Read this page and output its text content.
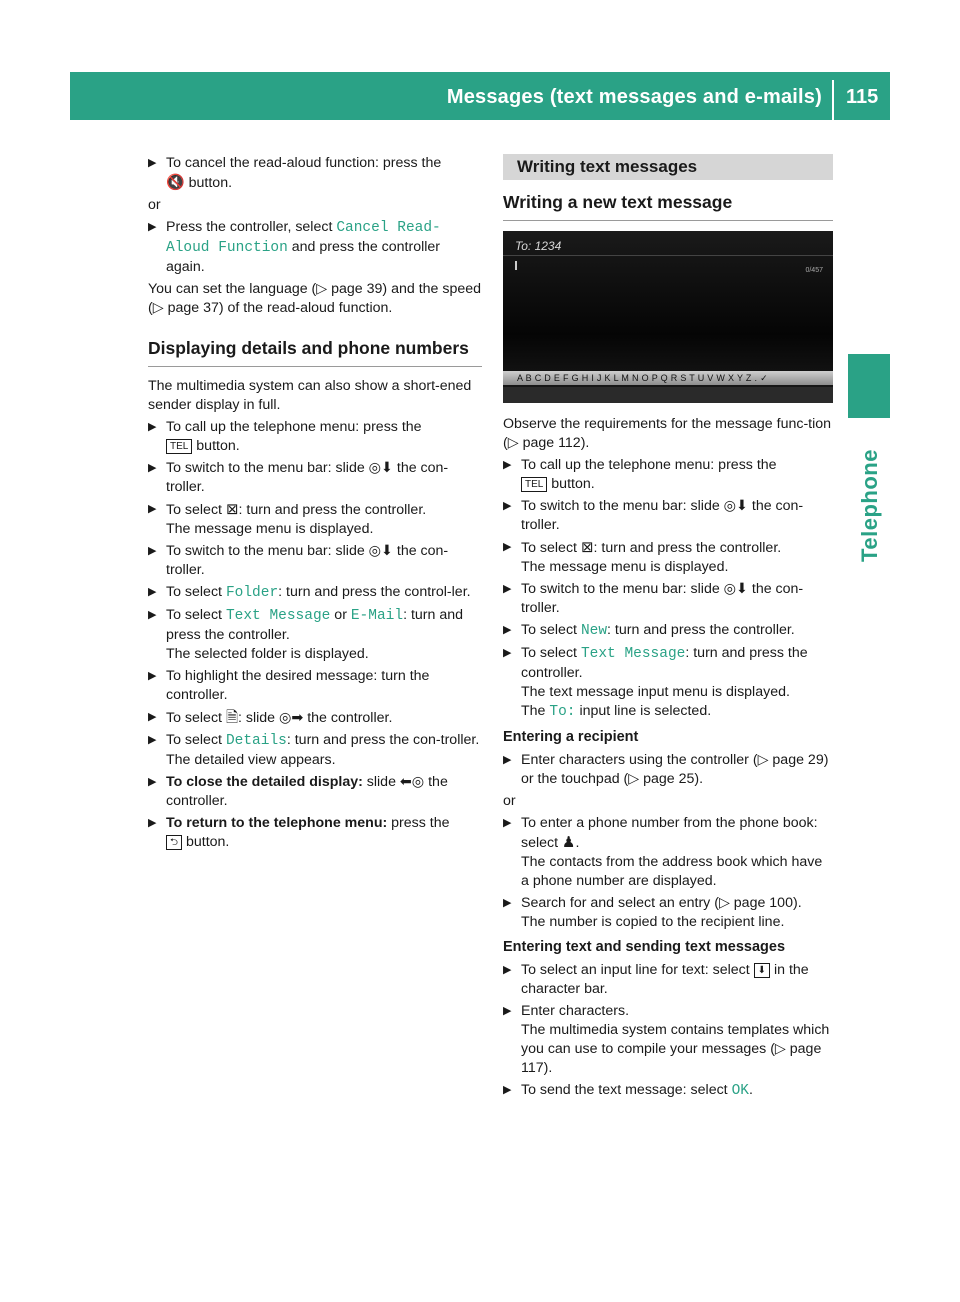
Messages (text messages and e-mails) 115
Telephone
▶ To cancel the read-aloud function: press the
🔇 button.
or
▶ Press the controller, select Cancel Read-Aloud Function and press the controller again.
You can set the language (▷ page 39) and the speed (▷ page 37) of the read-aloud function.
Displaying details and phone numbers
The multimedia system can also show a short-ened sender display in full.
▶ To call up the telephone menu: press the
TEL button.
▶ To switch to the menu bar: slide ◎⬇ the con-troller.
▶ To select ⊠: turn and press the controller.
The message menu is displayed.
▶ To switch to the menu bar: slide ◎⬇ the con-troller.
▶ To select Folder: turn and press the control-ler.
▶ To select Text Message or E-Mail: turn and press the controller.
The selected folder is displayed.
▶ To highlight the desired message: turn the controller.
▶ To select 🗎: slide ◎➡ the controller.
▶ To select Details: turn and press the con-troller.
The detailed view appears.
▶ To close the detailed display: slide ⬅◎ the controller.
▶ To return to the telephone menu: press the
⮌ button.
Writing text messages
Writing a new text message
To: 1234
0/457
A B C D E F G H I J K L M N O P Q R S T U V W X Y Z . ✓
Observe the requirements for the message func-tion (▷ page 112).
▶ To call up the telephone menu: press the
TEL button.
▶ To switch to the menu bar: slide ◎⬇ the con-troller.
▶ To select ⊠: turn and press the controller.
The message menu is displayed.
▶ To switch to the menu bar: slide ◎⬇ the con-troller.
▶ To select New: turn and press the controller.
▶ To select Text Message: turn and press the controller.
The text message input menu is displayed.
The To: input line is selected.
Entering a recipient
▶ Enter characters using the controller (▷ page 29) or the touchpad (▷ page 25).
or
▶ To enter a phone number from the phone book: select ♟.
The contacts from the address book which have a phone number are displayed.
▶ Search for and select an entry (▷ page 100).
The number is copied to the recipient line.
Entering text and sending text messages
▶ To select an input line for text: select ⬇ in the character bar.
▶ Enter characters.
The multimedia system contains templates which you can use to compile your messages (▷ page 117).
▶ To send the text message: select OK.
